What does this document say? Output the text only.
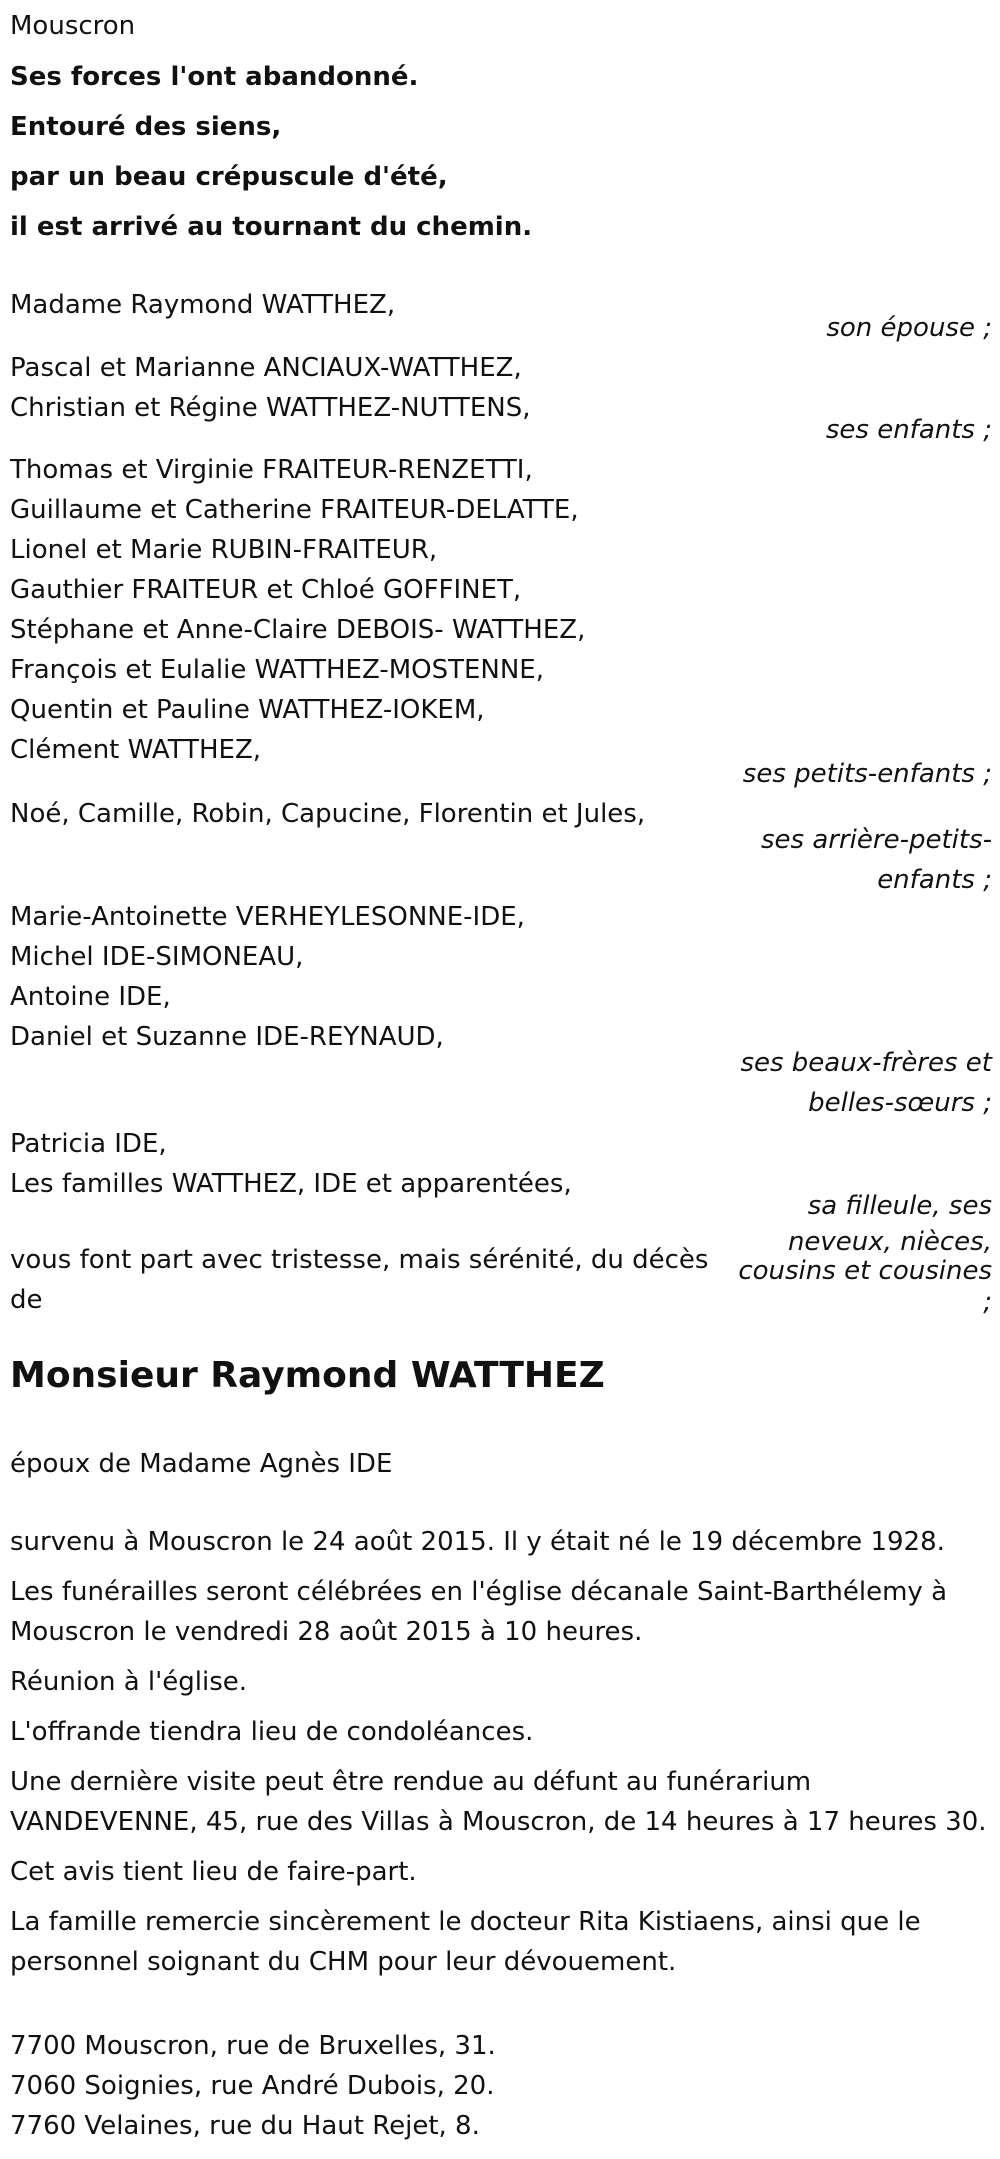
Mouscron
Ses forces l'ont abandonné.
Entouré des siens,
par un beau crépuscule d'été,
il est arrivé au tournant du chemin.
Madame Raymond WATTHEZ,
son épouse ;
Pascal et Marianne ANCIAUX-WATTHEZ,
Christian et Régine WATTHEZ-NUTTENS,
ses enfants ;
Thomas et Virginie FRAITEUR-RENZETTI,
Guillaume et Catherine FRAITEUR-DELATTE,
Lionel et Marie RUBIN-FRAITEUR,
Gauthier FRAITEUR et Chloé GOFFINET,
Stéphane et Anne-Claire DEBOIS- WATTHEZ,
François et Eulalie WATTHEZ-MOSTENNE,
Quentin et Pauline WATTHEZ-IOKEM,
Clément WATTHEZ,
ses petits-enfants ;
Noé, Camille, Robin, Capucine, Florentin et Jules,
ses arrière-petits-
enfants ;
Marie-Antoinette VERHEYLESONNE-IDE,
Michel IDE-SIMONEAU,
Antoine IDE,
Daniel et Suzanne IDE-REYNAUD,
ses beaux-frères et
belles-sœurs ;
Patricia IDE,
Les familles WATTHEZ, IDE et apparentées,
sa filleule, ses
neveux, nièces,
cousins et cousines
;
vous font part avec tristesse, mais sérénité, du décès
de
Monsieur Raymond WATTHEZ
époux de Madame Agnès IDE
survenu à Mouscron le 24 août 2015. Il y était né le 19 décembre 1928.
Les funérailles seront célébrées en l'église décanale Saint-Barthélemy à Mouscron le vendredi 28 août 2015 à 10 heures.
Réunion à l'église.
L'offrande tiendra lieu de condoléances.
Une dernière visite peut être rendue au défunt au funérarium VANDEVENNE, 45, rue des Villas à Mouscron, de 14 heures à 17 heures 30.
Cet avis tient lieu de faire-part.
La famille remercie sincèrement le docteur Rita Kistiaens, ainsi que le personnel soignant du CHM pour leur dévouement.
7700 Mouscron, rue de Bruxelles, 31.
7060 Soignies, rue André Dubois, 20.
7760 Velaines, rue du Haut Rejet, 8.
